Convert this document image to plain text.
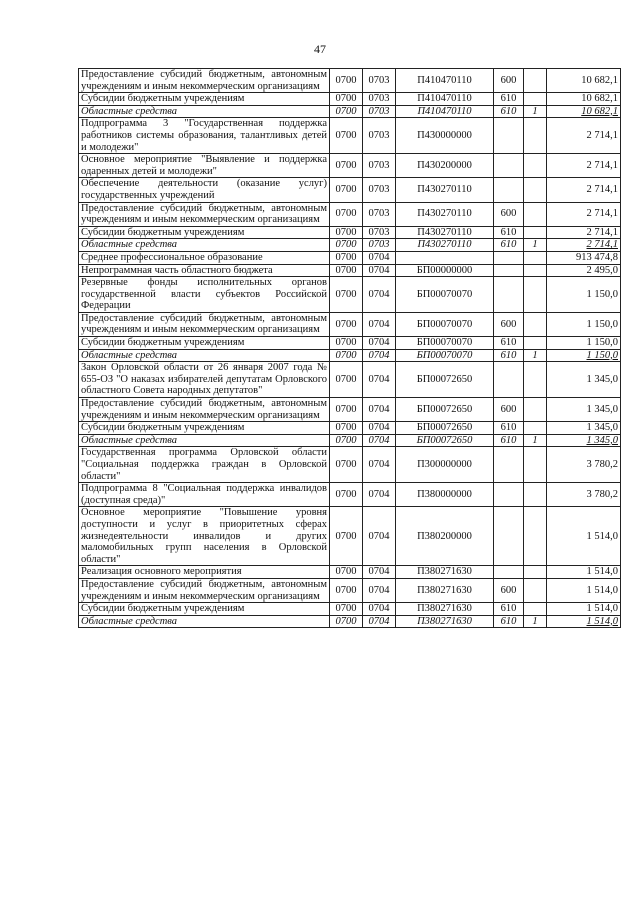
47
Предоставление субсидий бюджетным, автономным учреждениям и иным некоммерческим организациям	0700	0703	П410470110	600		10 682,1
Субсидии бюджетным учреждениям	0700	0703	П410470110	610		10 682,1
Областные средства	0700	0703	П410470110	610	1	10 682,1
Подпрограмма 3 "Государственная поддержка работников системы образования, талантливых детей и молодежи"	0700	0703	П430000000			2 714,1
Основное мероприятие "Выявление и поддержка одаренных детей и молодежи"	0700	0703	П430200000			2 714,1
Обеспечение деятельности (оказание услуг) государственных учреждений	0700	0703	П430270110			2 714,1
Предоставление субсидий бюджетным, автономным учреждениям и иным некоммерческим организациям	0700	0703	П430270110	600		2 714,1
Субсидии бюджетным учреждениям	0700	0703	П430270110	610		2 714,1
Областные средства	0700	0703	П430270110	610	1	2 714,1
Среднее профессиональное образование	0700	0704				913 474,8
Непрограммная часть областного бюджета	0700	0704	БП00000000			2 495,0
Резервные фонды исполнительных органов государственной власти субъектов Российской Федерации	0700	0704	БП00070070			1 150,0
Предоставление субсидий бюджетным, автономным учреждениям и иным некоммерческим организациям	0700	0704	БП00070070	600		1 150,0
Субсидии бюджетным учреждениям	0700	0704	БП00070070	610		1 150,0
Областные средства	0700	0704	БП00070070	610	1	1 150,0
Закон Орловской области от 26 января 2007 года № 655-ОЗ "О наказах избирателей депутатам Орловского областного Совета народных депутатов"	0700	0704	БП00072650			1 345,0
Предоставление субсидий бюджетным, автономным учреждениям и иным некоммерческим организациям	0700	0704	БП00072650	600		1 345,0
Субсидии бюджетным учреждениям	0700	0704	БП00072650	610		1 345,0
Областные средства	0700	0704	БП00072650	610	1	1 345,0
Государственная программа Орловской области "Социальная поддержка граждан в Орловской области"	0700	0704	П300000000			3 780,2
Подпрограмма 8 "Социальная поддержка инвалидов (доступная среда)"	0700	0704	П380000000			3 780,2
Основное мероприятие "Повышение уровня доступности и услуг в приоритетных сферах жизнедеятельности инвалидов и других маломобильных групп населения в Орловской области"	0700	0704	П380200000			1 514,0
Реализация основного мероприятия	0700	0704	П380271630			1 514,0
Предоставление субсидий бюджетным, автономным учреждениям и иным некоммерческим организациям	0700	0704	П380271630	600		1 514,0
Субсидии бюджетным учреждениям	0700	0704	П380271630	610		1 514,0
Областные средства	0700	0704	П380271630	610	1	1 514,0
